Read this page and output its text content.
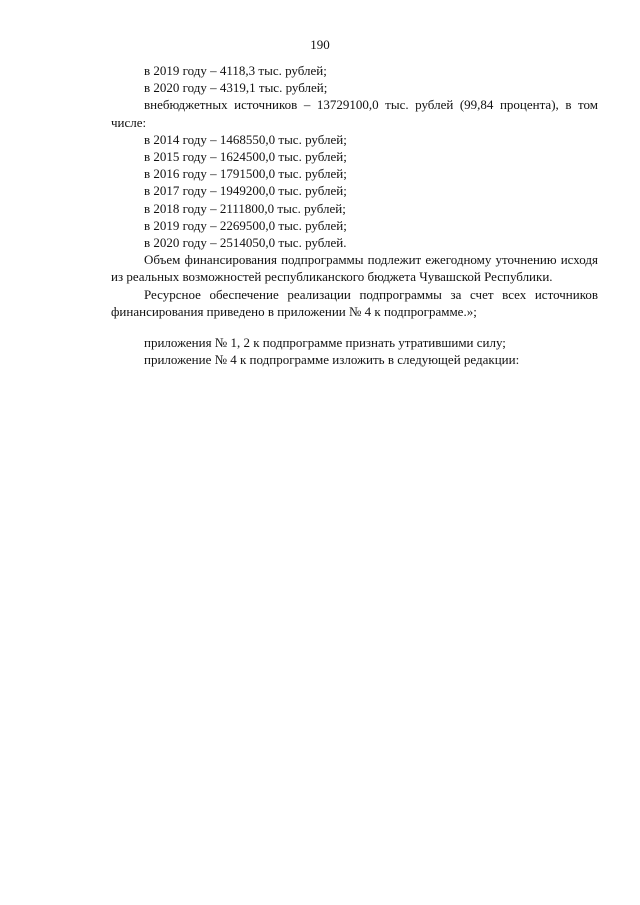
190

в 2019 году – 4118,3 тыс. рублей;

в 2020 году – 4319,1 тыс. рублей;

внебюджетных источников – 13729100,0 тыс. рублей (99,84 процента), в том числе:

в 2014 году – 1468550,0 тыс. рублей;

в 2015 году – 1624500,0 тыс. рублей;

в 2016 году – 1791500,0 тыс. рублей;

в 2017 году – 1949200,0 тыс. рублей;

в 2018 году – 2111800,0 тыс. рублей;

в 2019 году – 2269500,0 тыс. рублей;

в 2020 году – 2514050,0 тыс. рублей.

Объем финансирования подпрограммы подлежит ежегодному уточнению исходя из реальных возможностей республиканского бюджета Чувашской Республики.

Ресурсное обеспечение реализации подпрограммы за счет всех источников финансирования приведено в приложении № 4 к подпрограмме.»;

приложения № 1, 2 к подпрограмме признать утратившими силу;

приложение № 4 к подпрограмме изложить в следующей редакции:
